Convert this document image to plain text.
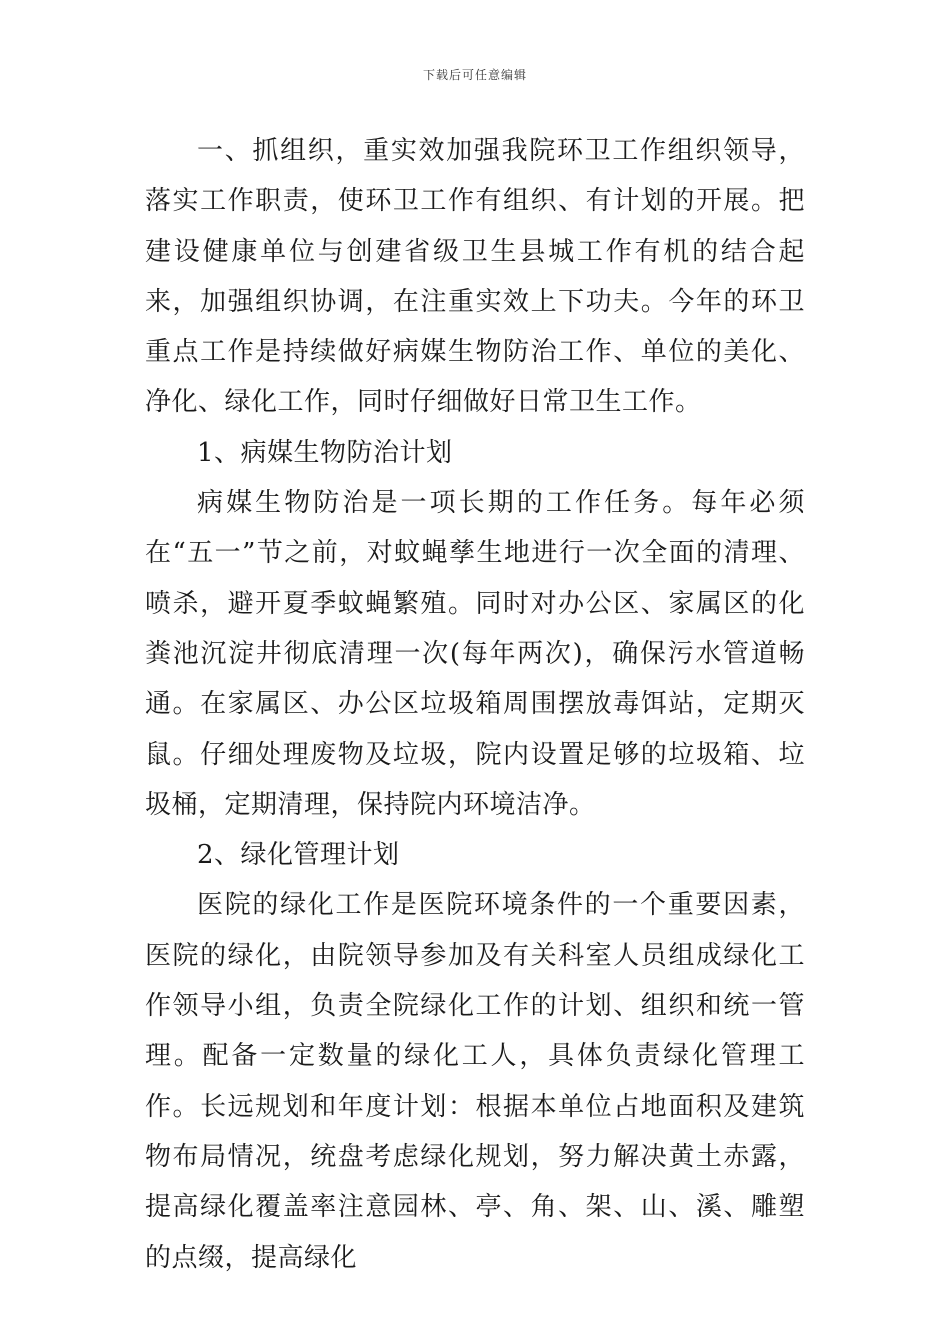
下载后可任意编辑

一、抓组织，重实效加强我院环卫工作组织领导，落实工作职责，使环卫工作有组织、有计划的开展。把建设健康单位与创建省级卫生县城工作有机的结合起来，加强组织协调，在注重实效上下功夫。今年的环卫重点工作是持续做好病媒生物防治工作、单位的美化、净化、绿化工作，同时仔细做好日常卫生工作。

1、病媒生物防治计划

病媒生物防治是一项长期的工作任务。每年必须在“五一”节之前，对蚊蝇孳生地进行一次全面的清理、喷杀，避开夏季蚊蝇繁殖。同时对办公区、家属区的化粪池沉淀井彻底清理一次(每年两次)，确保污水管道畅通。在家属区、办公区垃圾箱周围摆放毒饵站，定期灭鼠。仔细处理废物及垃圾，院内设置足够的垃圾箱、垃圾桶，定期清理，保持院内环境洁净。

2、绿化管理计划

医院的绿化工作是医院环境条件的一个重要因素，医院的绿化，由院领导参加及有关科室人员组成绿化工作领导小组，负责全院绿化工作的计划、组织和统一管理。配备一定数量的绿化工人，具体负责绿化管理工作。长远规划和年度计划：根据本单位占地面积及建筑物布局情况，统盘考虑绿化规划，努力解决黄土赤露，提高绿化覆盖率注意园林、亭、角、架、山、溪、雕塑的点缀，提高绿化
